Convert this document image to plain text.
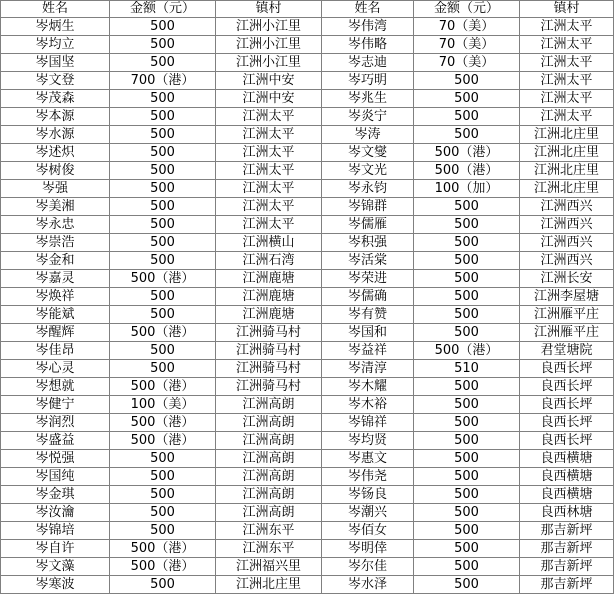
姓名	金额（元）	镇村	姓名	金额（元）	镇村
岑炳生	500	江洲小江里	岑伟湾	70（美）	江洲太平
岑均立	500	江洲小江里	岑伟略	70（美）	江洲太平
岑国坚	500	江洲小江里	岑志迪	70（美）	江洲太平
岑文登	700（港）	江洲中安	岑巧明	500	江洲太平
岑茂森	500	江洲中安	岑兆生	500	江洲太平
岑本源	500	江洲太平	岑炎宁	500	江洲太平
岑水源	500	江洲太平	岑涛	500	江洲北庄里
岑述炽	500	江洲太平	岑文燮	500（港）	江洲北庄里
岑树俊	500	江洲太平	岑文光	500（港）	江洲北庄里
岑强	500	江洲太平	岑永钧	100（加）	江洲北庄里
岑美湘	500	江洲太平	岑锦群	500	江洲西兴
岑永忠	500	江洲太平	岑儒雁	500	江洲西兴
岑崇浩	500	江洲横山	岑积强	500	江洲西兴
岑金和	500	江洲石湾	岑活棠	500	江洲西兴
岑嘉灵	500（港）	江洲鹿塘	岑荣进	500	江洲长安
岑焕祥	500	江洲鹿塘	岑儒确	500	江洲李屋塘
岑能斌	500	江洲鹿塘	岑有赞	500	江洲雁平庄
岑醒辉	500（港）	江洲骑马村	岑国和	500	江洲雁平庄
岑佳昂	500	江洲骑马村	岑益祥	500（港）	君堂塘院
岑心灵	500	江洲骑马村	岑清淳	510	良西长坪
岑想就	500（港）	江洲骑马村	岑木耀	500	良西长坪
岑健宁	100（美）	江洲高朗	岑木裕	500	良西长坪
岑润烈	500（港）	江洲高朗	岑锦祥	500	良西长坪
岑盛益	500（港）	江洲高朗	岑均贤	500	良西长坪
岑悦强	500	江洲高朗	岑惠文	500	良西横塘
岑国纯	500	江洲高朗	岑伟尧	500	良西横塘
岑金琪	500	江洲高朗	岑钖良	500	良西横塘
岑汝瀹	500	江洲高朗	岑潮兴	500	良西林塘
岑锦培	500	江洲东平	岑佰女	500	那吉新坪
岑自许	500（港）	江洲东平	岑明倖	500	那吉新坪
岑文藻	500（港）	江洲福兴里	岑尔佳	500	那吉新坪
岑寒波	500	江洲北庄里	岑水泽	500	那吉新坪
